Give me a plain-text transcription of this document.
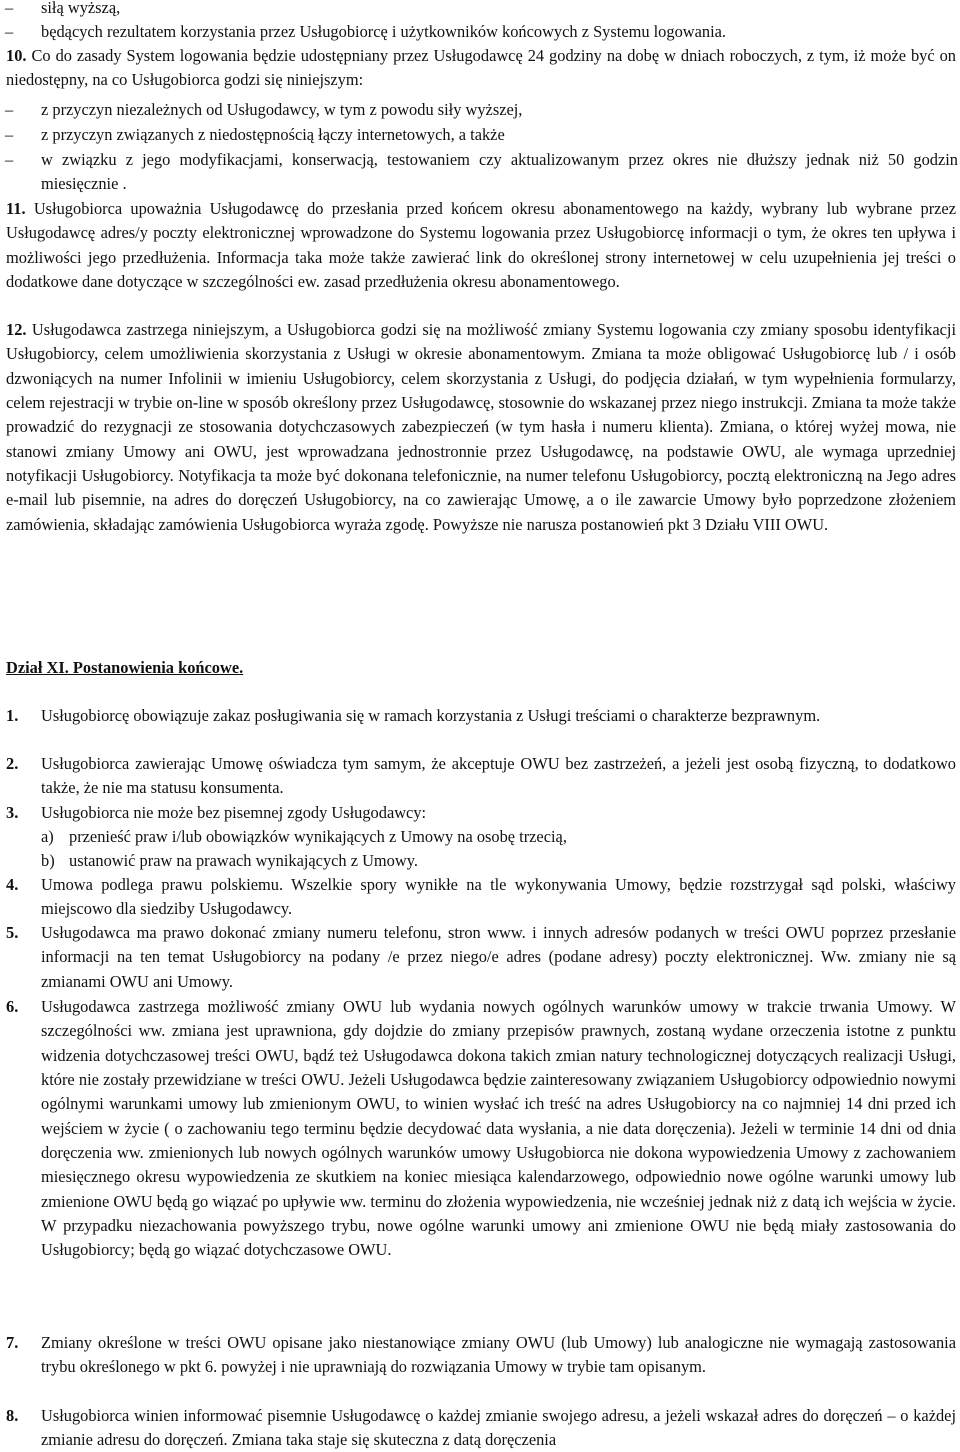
– siłą wyższą,
– będących rezultatem korzystania przez Usługobiorcę i użytkowników końcowych z Systemu logowania.
10. Co do zasady System logowania będzie udostępniany przez Usługodawcę 24 godziny na dobę w dniach roboczych, z tym, iż może być on niedostępny, na co Usługobiorca godzi się niniejszym:
– z przyczyn niezależnych od Usługodawcy, w tym z powodu siły wyższej,
– z przyczyn związanych z niedostępnością łączy internetowych, a także
– w związku z jego modyfikacjami, konserwacją, testowaniem czy aktualizowanym przez okres nie dłuższy jednak niż 50 godzin miesięcznie .
11. Usługobiorca upoważnia Usługodawcę do przesłania przed końcem okresu abonamentowego na każdy, wybrany lub wybrane przez Usługodawcę adres/y poczty elektronicznej wprowadzone do Systemu logowania przez Usługobiorcę informacji o tym, że okres ten upływa i możliwości jego przedłużenia. Informacja taka może także zawierać link do określonej strony internetowej w celu uzupełnienia jej treści o dodatkowe dane dotyczące w szczególności ew. zasad przedłużenia okresu abonamentowego.
12. Usługodawca zastrzega niniejszym, a Usługobiorca godzi się na możliwość zmiany Systemu logowania czy zmiany sposobu identyfikacji Usługobiorcy, celem umożliwienia skorzystania z Usługi w okresie abonamentowym. Zmiana ta może obligować Usługobiorcę lub / i osób dzwoniących na numer Infolinii w imieniu Usługobiorcy, celem skorzystania z Usługi, do podjęcia działań, w tym wypełnienia formularzy, celem rejestracji w trybie on-line w sposób określony przez Usługodawcę, stosownie do wskazanej przez niego instrukcji. Zmiana ta może także prowadzić do rezygnacji ze stosowania dotychczasowych zabezpieczeń (w tym hasła i numeru klienta). Zmiana, o której wyżej mowa, nie stanowi zmiany Umowy ani OWU, jest wprowadzana jednostronnie przez Usługodawcę, na podstawie OWU, ale wymaga uprzedniej notyfikacji Usługobiorcy. Notyfikacja ta może być dokonana telefonicznie, na numer telefonu Usługobiorcy, pocztą elektroniczną na Jego adres e-mail lub pisemnie, na adres do doręczeń Usługobiorcy, na co zawierając Umowę, a o ile zawarcie Umowy było poprzedzone złożeniem zamówienia, składając zamówienia Usługobiorca wyraża zgodę. Powyższe nie narusza postanowień pkt 3 Działu VIII OWU.
Dział XI. Postanowienia końcowe.
1. Usługobiorcę obowiązuje zakaz posługiwania się w ramach korzystania z Usługi treściami o charakterze bezprawnym.
2. Usługobiorca zawierając Umowę oświadcza tym samym, że akceptuje OWU bez zastrzeżeń, a jeżeli jest osobą fizyczną, to dodatkowo także, że nie ma statusu konsumenta.
3. Usługobiorca nie może bez pisemnej zgody Usługodawcy:
a) przenieść praw i/lub obowiązków wynikających z Umowy na osobę trzecią,
b) ustanowić praw na prawach wynikających z Umowy.
4. Umowa podlega prawu polskiemu. Wszelkie spory wynikłe na tle wykonywania Umowy, będzie rozstrzygał sąd polski, właściwy miejscowo dla siedziby Usługodawcy.
5. Usługodawca ma prawo dokonać zmiany numeru telefonu, stron www. i innych adresów podanych w treści OWU poprzez przesłanie informacji na ten temat Usługobiorcy na podany /e przez niego/e adres (podane adresy) poczty elektronicznej. Ww. zmiany nie są zmianami OWU ani Umowy.
6. Usługodawca zastrzega możliwość zmiany OWU lub wydania nowych ogólnych warunków umowy w trakcie trwania Umowy. W szczególności ww. zmiana jest uprawniona, gdy dojdzie do zmiany przepisów prawnych, zostaną wydane orzeczenia istotne z punktu widzenia dotychczasowej treści OWU, bądź też Usługodawca dokona takich zmian natury technologicznej dotyczących realizacji Usługi, które nie zostały przewidziane w treści OWU. Jeżeli Usługodawca będzie zainteresowany związaniem Usługobiorcy odpowiednio nowymi ogólnymi warunkami umowy lub zmienionym OWU, to winien wysłać ich treść na adres Usługobiorcy na co najmniej 14 dni przed ich wejściem w życie ( o zachowaniu tego terminu będzie decydować data wysłania, a nie data doręczenia). Jeżeli w terminie 14 dni od dnia doręczenia ww. zmienionych lub nowych ogólnych warunków umowy Usługobiorca nie dokona wypowiedzenia Umowy z zachowaniem miesięcznego okresu wypowiedzenia ze skutkiem na koniec miesiąca kalendarzowego, odpowiednio nowe ogólne warunki umowy lub zmienione OWU będą go wiązać po upływie ww. terminu do złożenia wypowiedzenia, nie wcześniej jednak niż z datą ich wejścia w życie. W przypadku niezachowania powyższego trybu, nowe ogólne warunki umowy ani zmienione OWU nie będą miały zastosowania do Usługobiorcy; będą go wiązać dotychczasowe OWU.
7. Zmiany określone w treści OWU opisane jako niestanowiące zmiany OWU (lub Umowy) lub analogiczne nie wymagają zastosowania trybu określonego w pkt 6. powyżej i nie uprawniają do rozwiązania Umowy w trybie tam opisanym.
8. Usługobiorca winien informować pisemnie Usługodawcę o każdej zmianie swojego adresu, a jeżeli wskazał adres do doręczeń – o każdej zmianie adresu do doręczeń. Zmiana taka staje się skuteczna z datą doręczenia
